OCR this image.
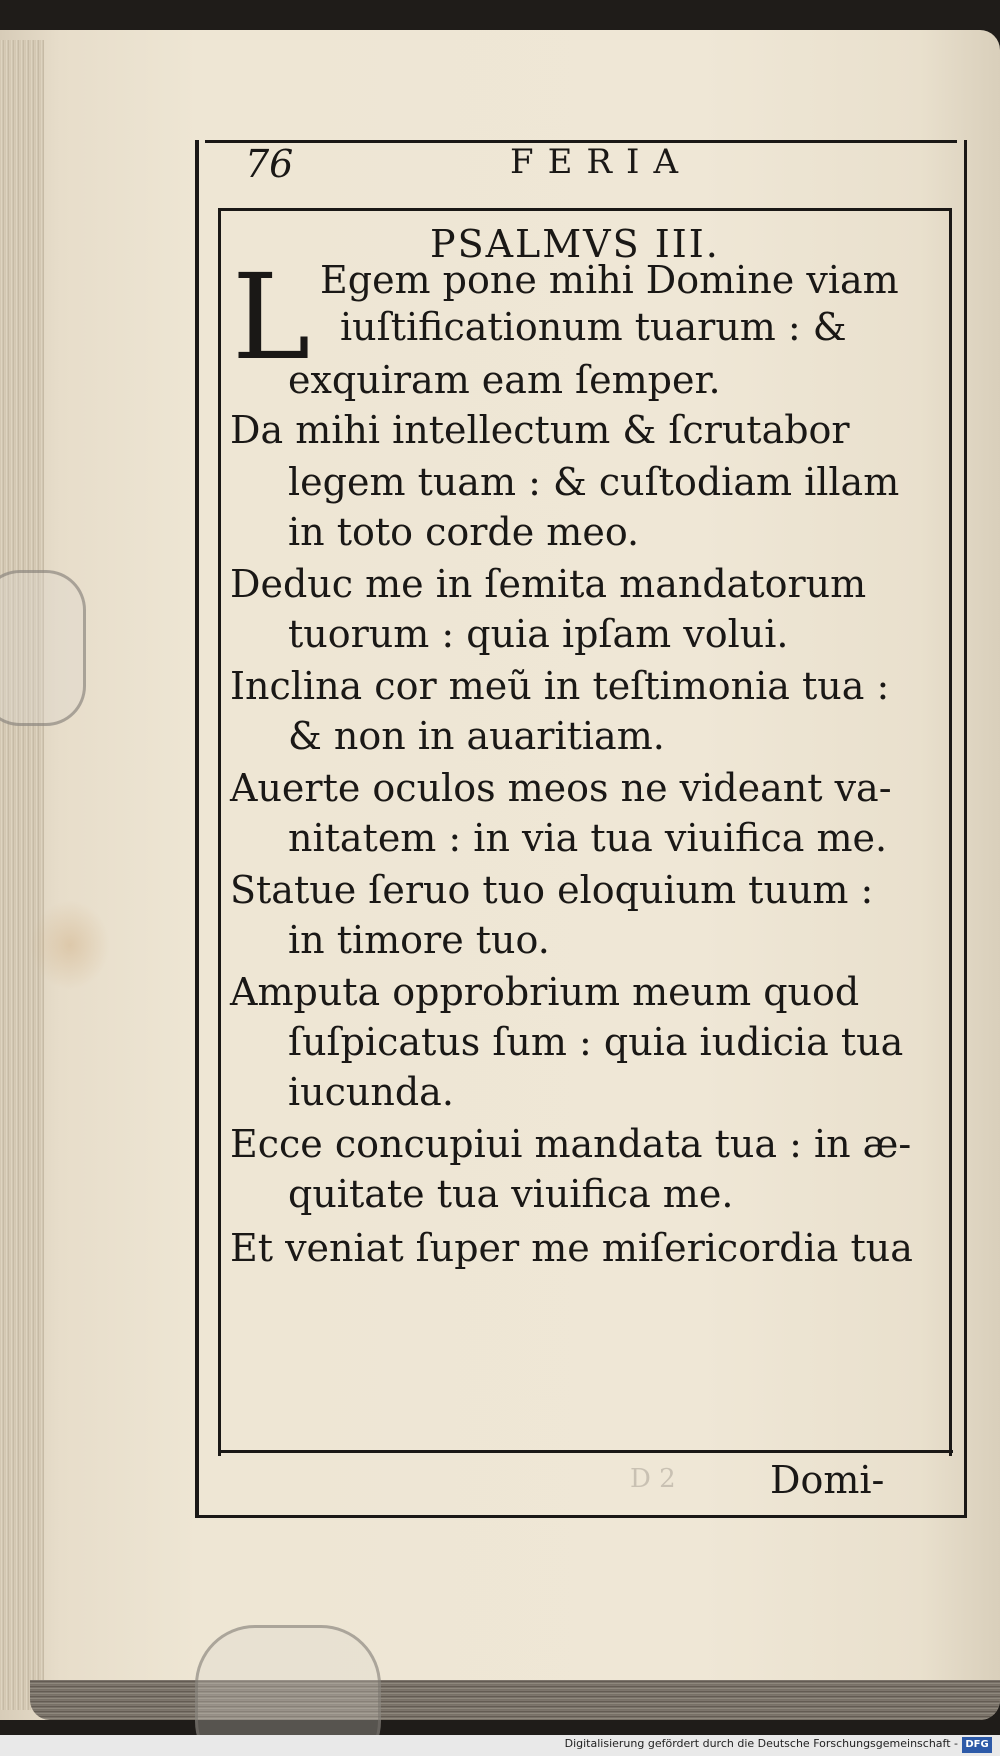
76	FERIA
PSALMVS III.
L Egem pone mihi Domine viam
iuſtificationum tuarum : &
exquiram eam ſemper.
Da mihi intellectum & ſcrutabor
legem tuam : & cuſtodiam illam
in toto corde meo.
Deduc me in ſemita mandatorum
tuorum : quia ipſam volui.
Inclina cor meũ in teſtimonia tua :
& non in auaritiam.
Auerte oculos meos ne videant va-
nitatem : in via tua viuifica me.
Statue ſeruo tuo eloquium tuum :
in timore tuo.
Amputa opprobrium meum quod
ſuſpicatus ſum : quia iudicia tua
iucunda.
Ecce concupiui mandata tua : in æ-
quitate tua viuifica me.
Et veniat ſuper me miſericordia tua
D 2 Domi-
Digitalisierung gefördert durch die Deutsche Forschungsgemeinschaft - DFG
